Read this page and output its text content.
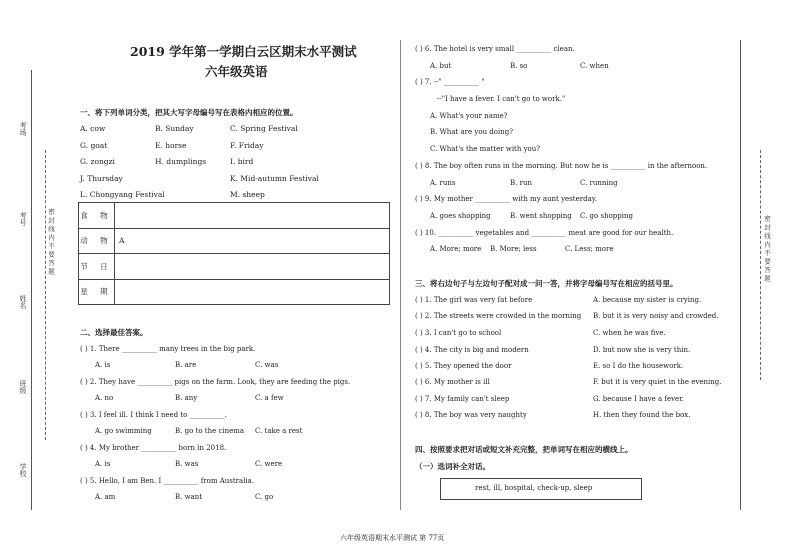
考场
考号
姓名
班级
学校
密 封 线 内 不 要 答 题	密 封 线 内 不 要 答 题
2019 学年第一学期白云区期末水平测试
六年级英语
一、将下列单词分类，把其大写字母编号写在表格内相应的位置。
A. cow	B. Sunday	C. Spring Festival
G. goat	E. horse	F. Friday
G. zongzi	H. dumplings	I. bird
J. Thursday	K. Mid-autumn Festival
L. Chongyang Festival	M. sheep
食 物	
动 物	A
节 日	
星 期	
二、选择最佳答案。
( ) 1. There __________ many trees in the big park.
A. is	B. are	C. was
( ) 2. They have __________ pigs on the farm. Look, they are feeding the pigs.
A. no	B. any	C. a few
( ) 3. I feel ill. I think I need to __________.
A. go swimming	B. go to the cinema C. take a rest
( ) 4. My brother __________ born in 2018.
A. is	B. was	C. were
( ) 5. Hello, I am Ben. I __________ from Australia.
A. am	B. want	C. go
( ) 6. The hotel is very small __________ clean.
A. but	B. so	C. when
( ) 7. --" __________ "
--"I have a fever. I can't go to work."
A. What's your name?
B. What are you doing?
C. What's the matter with you?
( ) 8. The boy often runs in the morning. But now he is __________ in the afternoon.
A. runs	B. run	C. running
( ) 9. My mother __________ with my aunt yesterday.
A. goes shopping	B. went shopping C. go shopping
( ) 10. __________ vegetables and __________ meat are good for our health.
A. More; more B. More; less	C. Less; more
三、将右边句子与左边句子配对成一问一答，并将字母编号写在相应的括号里。
( ) 1. The girl was very fat before	A. because my sister is crying.
( ) 2. The streets were crowded in the morning B. but it is very noisy and crowded.
( ) 3. I can't go to school	C. when he was five.
( ) 4. The city is big and modern	D. but now she is very thin.
( ) 5. They opened the door	E. so I do the housework.
( ) 6. My mother is ill	F. but it is very quiet in the evening.
( ) 7. My family can't sleep	G. because I have a fever.
( ) 8. The boy was very naughty	H. then they found the box.
四、按照要求把对话或短文补充完整，把单词写在相应的横线上。
（一）选词补全对话。
rest, ill, hospital, check-up, sleep
六年级英语期末水平测试 第 77页
